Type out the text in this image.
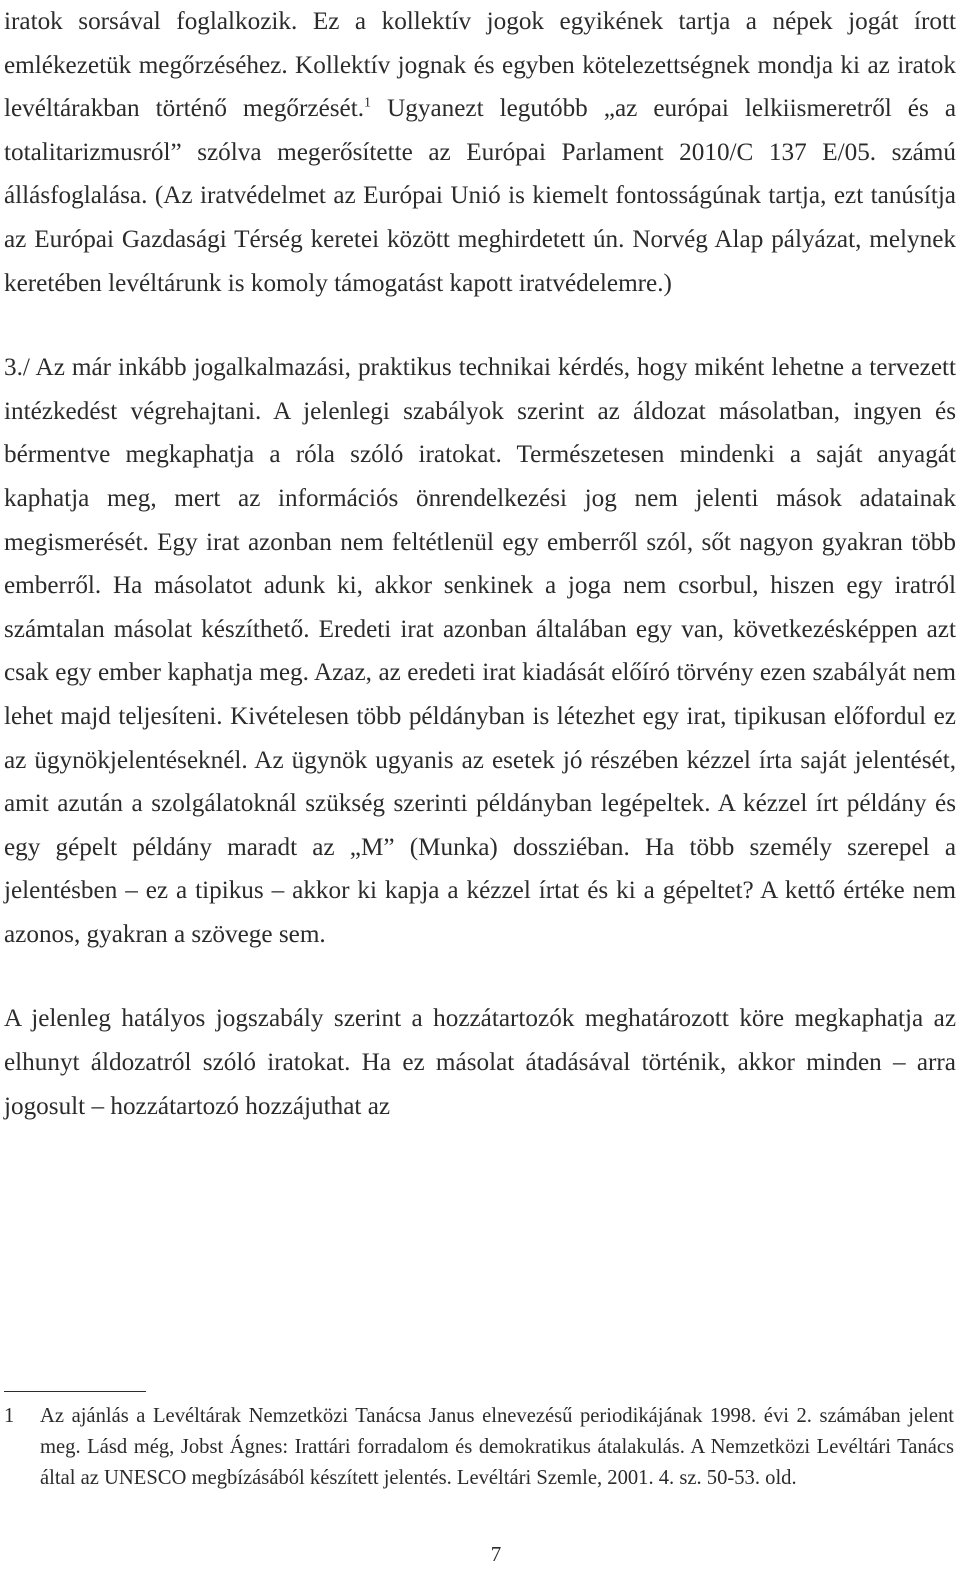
iratok sorsával foglalkozik. Ez a kollektív jogok egyikének tartja a népek jogát írott emlékezetük megőrzéséhez. Kollektív jognak és egyben kötelezettségnek mondja ki az iratok levéltárakban történő megőrzését.$^1$ Ugyanezt legutóbb „az európai lelkiismeretről és a totalitarizmusról” szólva megerősítette az Európai Parlament 2010/C 137 E/05. számú állásfoglalása. (Az iratvédelmet az Európai Unió is kiemelt fontosságúnak tartja, ezt tanúsítja az Európai Gazdasági Térség keretei között meghirdetett ún. Norvég Alap pályázat, melynek keretében levéltárunk is komoly támogatást kapott iratvédelemre.)

3./ Az már inkább jogalkalmazási, praktikus technikai kérdés, hogy miként lehetne a tervezett intézkedést végrehajtani. A jelenlegi szabályok szerint az áldozat másolatban, ingyen és bérmentve megkaphatja a róla szóló iratokat. Természetesen mindenki a saját anyagát kaphatja meg, mert az információs önrendelkezési jog nem jelenti mások adatainak megismerését. Egy irat azonban nem feltétlenül egy emberről szól, sőt nagyon gyakran több emberről. Ha másolatot adunk ki, akkor senkinek a joga nem csorbul, hiszen egy iratról számtalan másolat készíthető. Eredeti irat azonban általában egy van, következésképpen azt csak egy ember kaphatja meg. Azaz, az eredeti irat kiadását előíró törvény ezen szabályát nem lehet majd teljesíteni. Kivételesen több példányban is létezhet egy irat, tipikusan előfordul ez az ügynökjelentéseknél. Az ügynök ugyanis az esetek jó részében kézzel írta saját jelentését, amit azután a szolgálatoknál szükség szerinti példányban legépeltek. A kézzel írt példány és egy gépelt példány maradt az „M” (Munka) dossziéban. Ha több személy szerepel a jelentésben – ez a tipikus – akkor ki kapja a kézzel írtat és ki a gépeltet? A kettő értéke nem azonos, gyakran a szövege sem.

A jelenleg hatályos jogszabály szerint a hozzátartozók meghatározott köre megkaphatja az elhunyt áldozatról szóló iratokat. Ha ez másolat átadásával történik, akkor minden – arra jogosult – hozzátartozó hozzájuthat az

1	Az ajánlás a Levéltárak Nemzetközi Tanácsa Janus elnevezésű periodikájának 1998. évi 2. számában jelent meg. Lásd még, Jobst Ágnes: Irattári forradalom és demokratikus átalakulás. A Nemzetközi Levéltári Tanács által az UNESCO megbízásából készített jelentés. Levéltári Szemle, 2001. 4. sz. 50-53. old.
7
